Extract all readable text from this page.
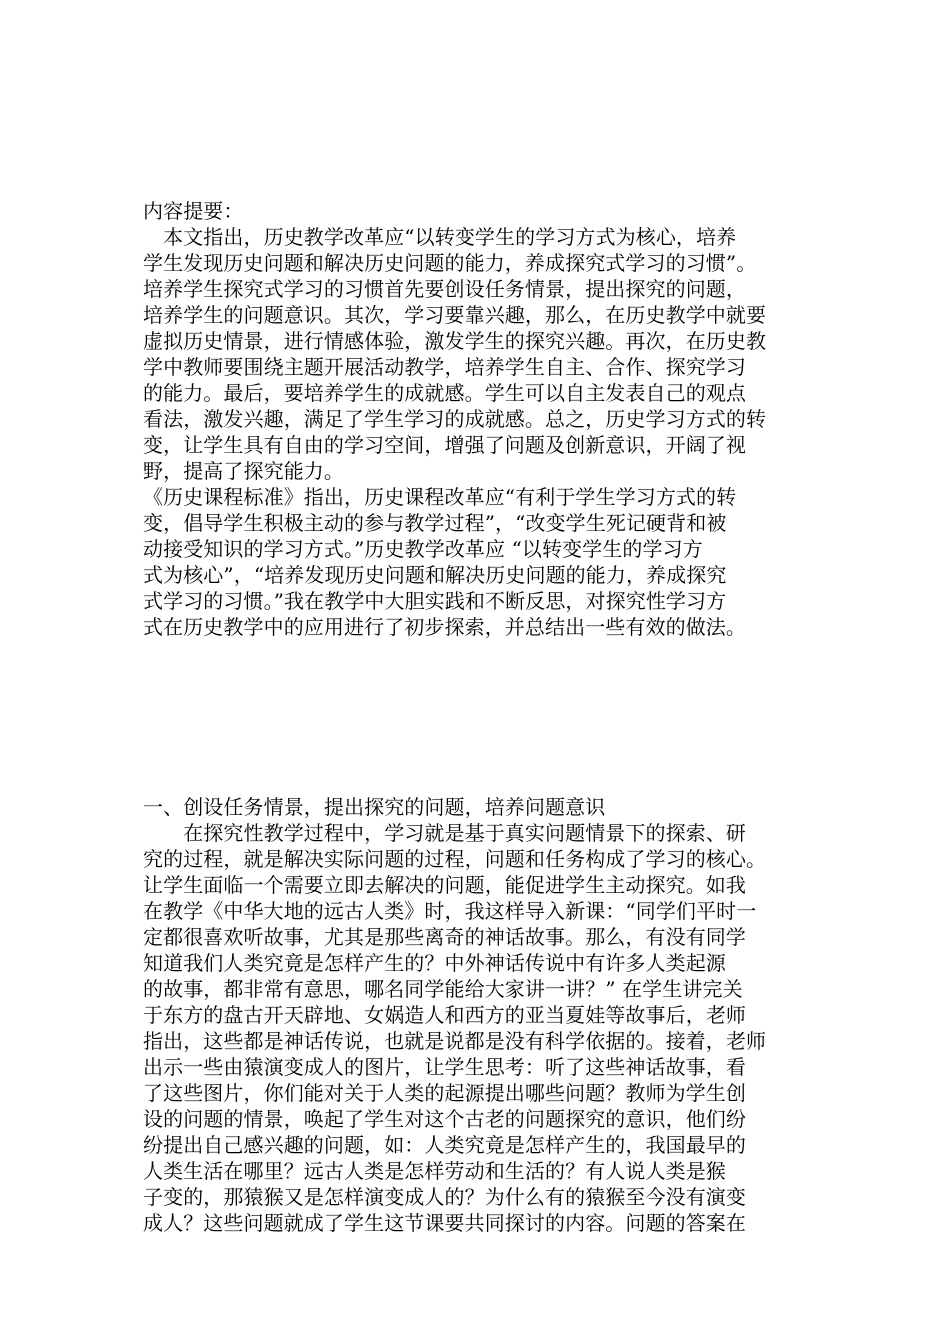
内容提要：
　本文指出，历史教学改革应“以转变学生的学习方式为核心，培养
学生发现历史问题和解决历史问题的能力，养成探究式学习的习惯”。
培养学生探究式学习的习惯首先要创设任务情景，提出探究的问题，
培养学生的问题意识。其次，学习要靠兴趣，那么，在历史教学中就要
虚拟历史情景，进行情感体验，激发学生的探究兴趣。再次，在历史教
学中教师要围绕主题开展活动教学，培养学生自主、合作、探究学习
的能力。最后，要培养学生的成就感。学生可以自主发表自己的观点
看法，激发兴趣，满足了学生学习的成就感。总之，历史学习方式的转
变，让学生具有自由的学习空间，增强了问题及创新意识，开阔了视
野，提高了探究能力。
《历史课程标准》指出，历史课程改革应“有利于学生学习方式的转
变，倡导学生积极主动的参与教学过程”，“改变学生死记硬背和被
动接受知识的学习方式。”历史教学改革应 “以转变学生的学习方
式为核心”，“培养发现历史问题和解决历史问题的能力，养成探究
式学习的习惯。”我在教学中大胆实践和不断反思，对探究性学习方
式在历史教学中的应用进行了初步探索，并总结出一些有效的做法。
一、创设任务情景，提出探究的问题，培养问题意识
　　在探究性教学过程中，学习就是基于真实问题情景下的探索、研
究的过程，就是解决实际问题的过程，问题和任务构成了学习的核心。
让学生面临一个需要立即去解决的问题，能促进学生主动探究。如我
在教学《中华大地的远古人类》时，我这样导入新课：“同学们平时一
定都很喜欢听故事，尤其是那些离奇的神话故事。那么，有没有同学
知道我们人类究竟是怎样产生的？中外神话传说中有许多人类起源
的故事，都非常有意思，哪名同学能给大家讲一讲？” 在学生讲完关
于东方的盘古开天辟地、女娲造人和西方的亚当夏娃等故事后，老师
指出，这些都是神话传说，也就是说都是没有科学依据的。接着，老师
出示一些由猿演变成人的图片，让学生思考：听了这些神话故事，看
了这些图片，你们能对关于人类的起源提出哪些问题？教师为学生创
设的问题的情景，唤起了学生对这个古老的问题探究的意识，他们纷
纷提出自己感兴趣的问题，如：人类究竟是怎样产生的，我国最早的
人类生活在哪里？远古人类是怎样劳动和生活的？有人说人类是猴
子变的，那猿猴又是怎样演变成人的？为什么有的猿猴至今没有演变
成人？这些问题就成了学生这节课要共同探讨的内容。问题的答案在
